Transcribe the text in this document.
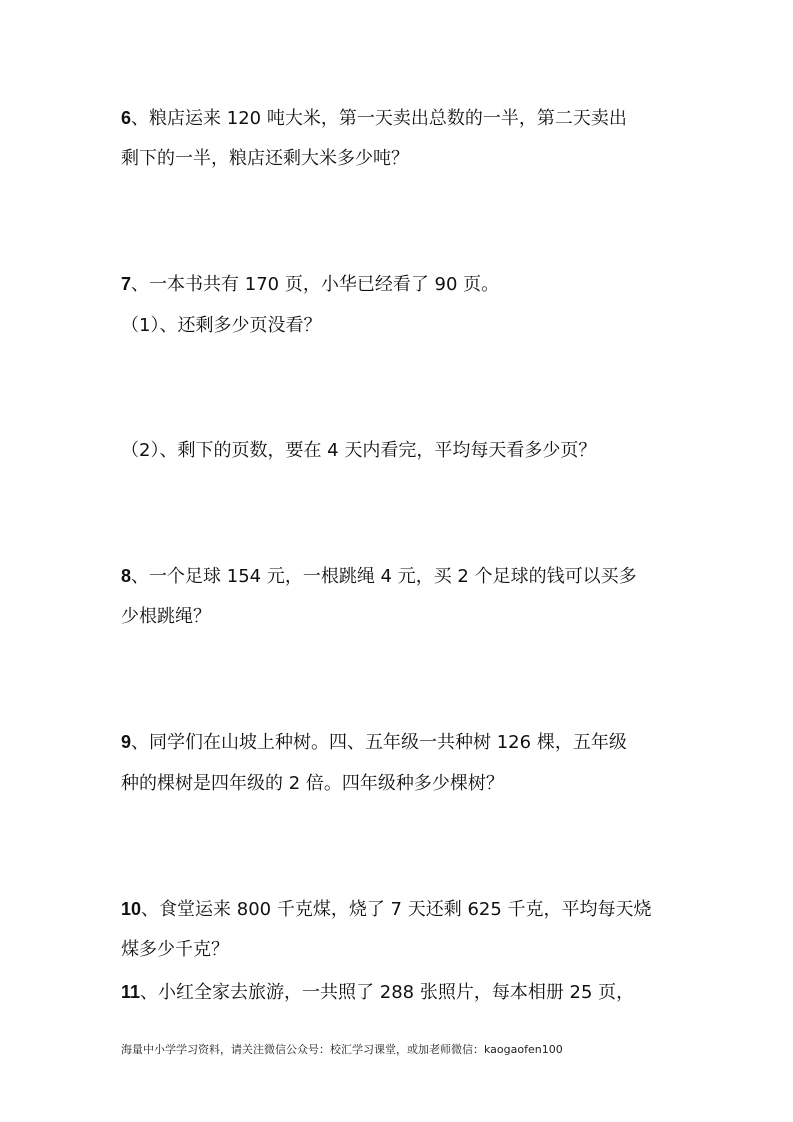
6、粮店运来 120 吨大米，第一天卖出总数的一半，第二天卖出
剩下的一半，粮店还剩大米多少吨？
7、一本书共有 170 页，小华已经看了 90 页。
（1）、还剩多少页没看？
（2）、剩下的页数，要在 4 天内看完，平均每天看多少页？
8、一个足球 154 元，一根跳绳 4 元，买 2 个足球的钱可以买多
少根跳绳？
9、同学们在山坡上种树。四、五年级一共种树 126 棵，五年级
种的棵树是四年级的 2 倍。四年级种多少棵树？
10、食堂运来 800 千克煤，烧了 7 天还剩 625 千克，平均每天烧
煤多少千克？
11、小红全家去旅游，一共照了 288 张照片，每本相册 25 页，
海量中小学学习资料，请关注微信公众号：校汇学习课堂，或加老师微信：kaogaofen100
